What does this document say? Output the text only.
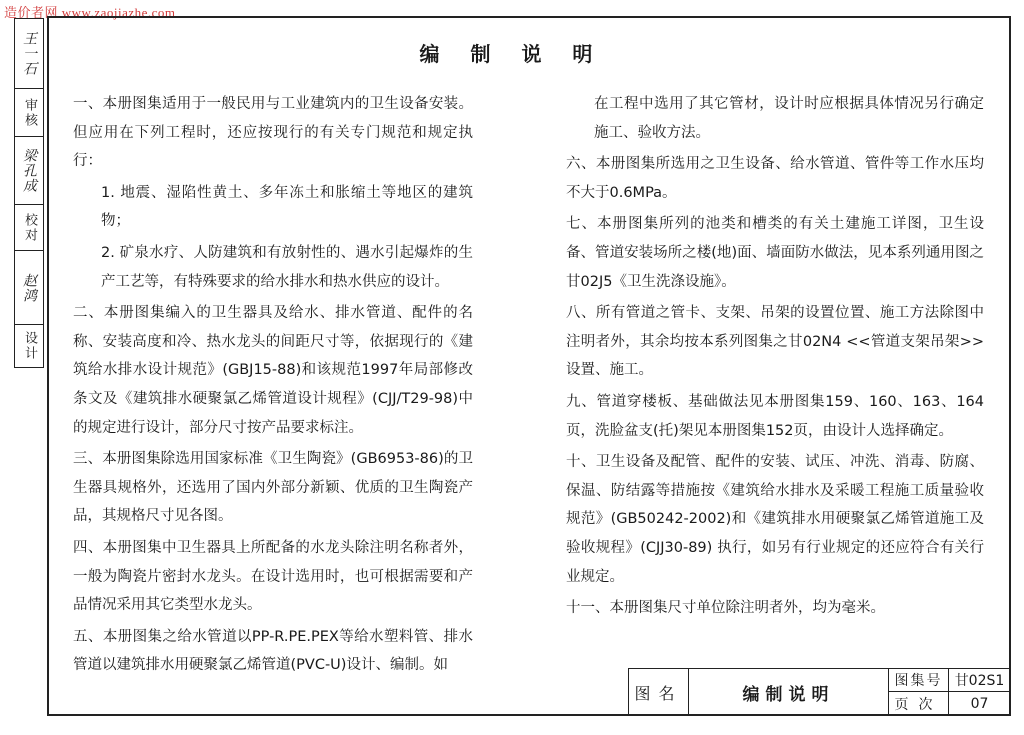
造价者网 www.zaojiazhe.com
王一石
审核
梁孔成
校对
赵鸿
设计
编 制 说 明
一、本册图集适用于一般民用与工业建筑内的卫生设备安装。但应用在下列工程时，还应按现行的有关专门规范和规定执行：
1. 地震、湿陷性黄土、多年冻土和胀缩土等地区的建筑物；
2. 矿泉水疗、人防建筑和有放射性的、遇水引起爆炸的生产工艺等，有特殊要求的给水排水和热水供应的设计。
二、本册图集编入的卫生器具及给水、排水管道、配件的名称、安装高度和冷、热水龙头的间距尺寸等，依据现行的《建筑给水排水设计规范》(GBJ15-88)和该规范1997年局部修改条文及《建筑排水硬聚氯乙烯管道设计规程》(CJJ/T29-98)中的规定进行设计，部分尺寸按产品要求标注。
三、本册图集除选用国家标准《卫生陶瓷》(GB6953-86)的卫生器具规格外，还选用了国内外部分新颖、优质的卫生陶瓷产品，其规格尺寸见各图。
四、本册图集中卫生器具上所配备的水龙头除注明名称者外，一般为陶瓷片密封水龙头。在设计选用时，也可根据需要和产品情况采用其它类型水龙头。
五、本册图集之给水管道以PP-R.PE.PEX等给水塑料管、排水管道以建筑排水用硬聚氯乙烯管道(PVC-U)设计、编制。如
在工程中选用了其它管材，设计时应根据具体情况另行确定施工、验收方法。
六、本册图集所选用之卫生设备、给水管道、管件等工作水压均不大于0.6MPa。
七、本册图集所列的池类和槽类的有关土建施工详图，卫生设备、管道安装场所之楼(地)面、墙面防水做法，见本系列通用图之甘02J5《卫生洗涤设施》。
八、所有管道之管卡、支架、吊架的设置位置、施工方法除图中注明者外，其余均按本系列图集之甘02N4 <<管道支架吊架>>设置、施工。
九、管道穿楼板、基础做法见本册图集159、160、163、164页，洗脸盆支(托)架见本册图集152页，由设计人选择确定。
十、卫生设备及配管、配件的安装、试压、冲洗、消毒、防腐、保温、防结露等措施按《建筑给水排水及采暖工程施工质量验收规范》(GB50242-2002)和《建筑排水用硬聚氯乙烯管道施工及验收规程》(CJJ30-89) 执行，如另有行业规定的还应符合有关行业规定。
十一、本册图集尺寸单位除注明者外，均为毫米。
图名	编制说明
图集号 甘02S1
页次	07
